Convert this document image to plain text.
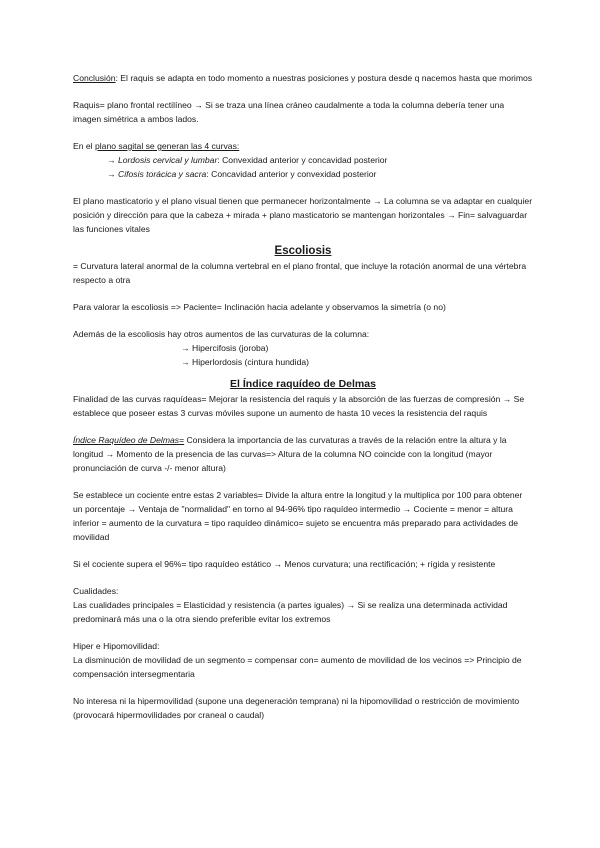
Conclusión: El raquis se adapta en todo momento a nuestras posiciones y postura desde q nacemos hasta que morimos

Raquis= plano frontal rectilíneo → Si se traza una línea cráneo caudalmente a toda la columna debería tener una imagen simétrica a ambos lados.

En el plano sagital se generan las 4 curvas:

→ Lordosis cervical y lumbar: Convexidad anterior y concavidad posterior

→ Cifosis torácica y sacra: Concavidad anterior y convexidad posterior

El plano masticatorio y el plano visual tienen que permanecer horizontalmente → La columna se va adaptar en cualquier posición y dirección para que la cabeza + mirada + plano masticatorio se mantengan horizontales → Fin= salvaguardar las funciones vitales

Escoliosis

= Curvatura lateral anormal de la columna vertebral en el plano frontal, que incluye la rotación anormal de una vértebra respecto a otra

Para valorar la escoliosis => Paciente= Inclinación hacia adelante y observamos la simetría (o no)

Además de la escoliosis hay otros aumentos de las curvaturas de la columna:

→ Hipercifosis (joroba)

→ Hiperlordosis (cintura hundida)

El Índice raquídeo de Delmas

Finalidad de las curvas raquídeas= Mejorar la resistencia del raquis y la absorción de las fuerzas de compresión → Se establece que poseer estas 3 curvas móviles supone un aumento de hasta 10 veces la resistencia del raquis

Índice Raquídeo de Delmas= Considera la importancia de las curvaturas a través de la relación entre la altura y la longitud → Momento de la presencia de las curvas=> Altura de la columna NO coincide con la longitud (mayor pronunciación de curva -/- menor altura)

Se establece un cociente entre estas 2 variables= Divide la altura entre la longitud y la multiplica por 100 para obtener un porcentaje → Ventaja de "normalidad" en torno al 94-96% tipo raquídeo intermedio → Cociente = menor = altura inferior = aumento de la curvatura = tipo raquídeo dinámico= sujeto se encuentra más preparado para actividades de movilidad

Si el cociente supera el 96%= tipo raquídeo estático → Menos curvatura; una rectificación; + rígida y resistente

Cualidades:

Las cualidades principales = Elasticidad y resistencia (a partes iguales) → Si se realiza una determinada actividad predominará más una o la otra siendo preferible evitar los extremos

Hiper e Hipomovilidad:

La disminución de movilidad de un segmento = compensar con= aumento de movilidad de los vecinos => Principio de compensación intersegmentaria

No interesa ni la hipermovilidad (supone una degeneración temprana) ni la hipomovilidad o restricción de movimiento (provocará hipermovilidades por craneal o caudal)
